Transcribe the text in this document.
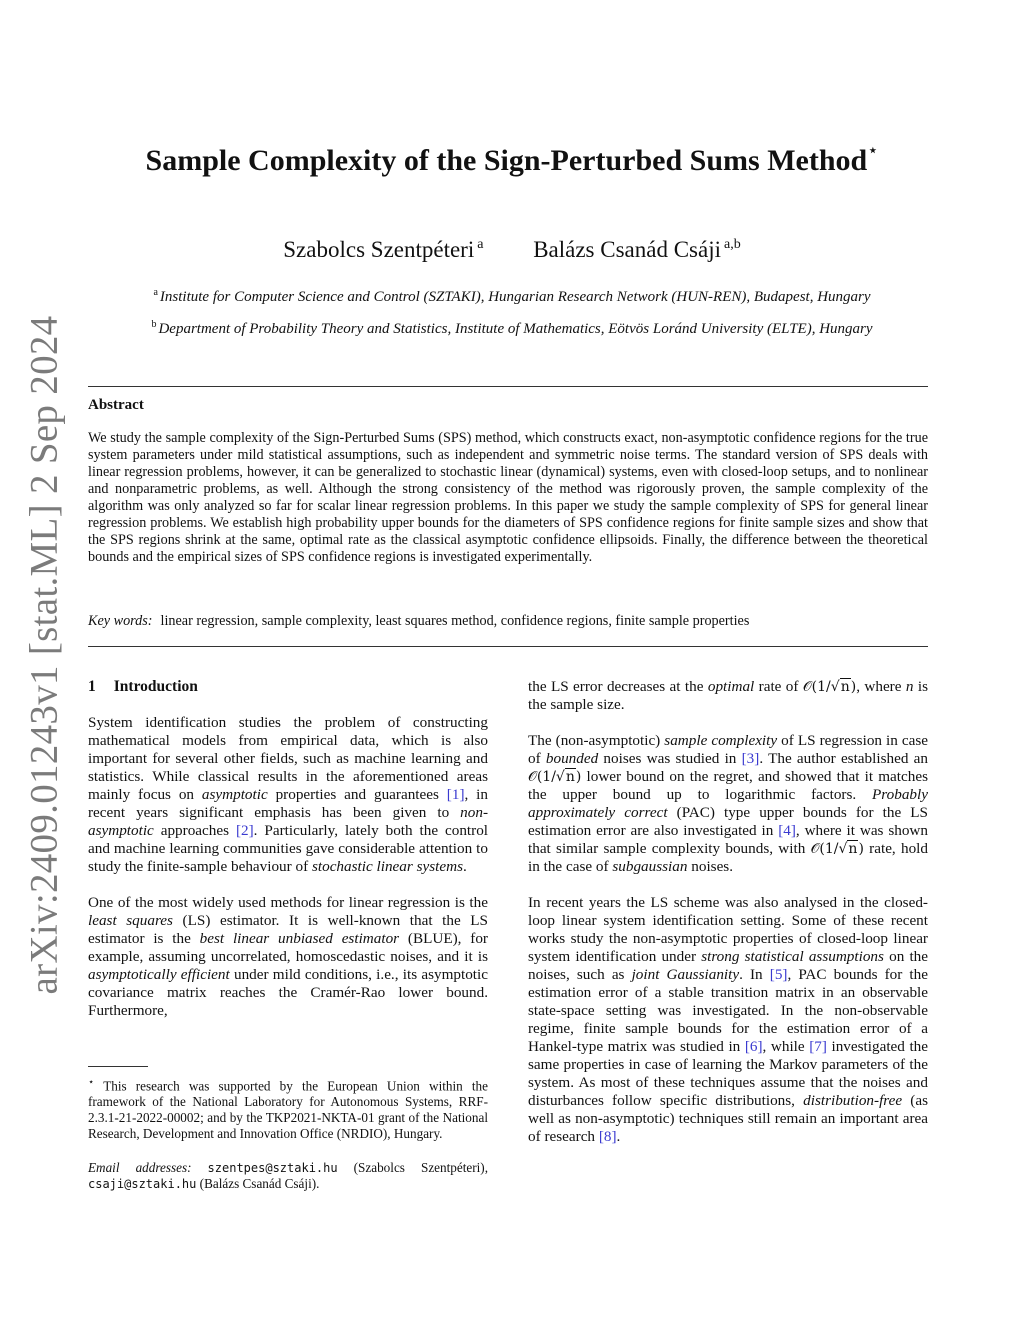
arXiv:2409.01243v1 [stat.ML] 2 Sep 2024
Sample Complexity of the Sign-Perturbed Sums Method⋆
Szabolcs Szentpéteri $^a$ Balázs Csanád Csáji $^{a,b}$
$^a$ Institute for Computer Science and Control (SZTAKI), Hungarian Research Network (HUN-REN), Budapest, Hungary
$^b$ Department of Probability Theory and Statistics, Institute of Mathematics, Eötvös Loránd University (ELTE), Hungary
Abstract
We study the sample complexity of the Sign-Perturbed Sums (SPS) method, which constructs exact, non-asymptotic confidence regions for the true system parameters under mild statistical assumptions, such as independent and symmetric noise terms. The standard version of SPS deals with linear regression problems, however, it can be generalized to stochastic linear (dynamical) systems, even with closed-loop setups, and to nonlinear and nonparametric problems, as well. Although the strong consistency of the method was rigorously proven, the sample complexity of the algorithm was only analyzed so far for scalar linear regression problems. In this paper we study the sample complexity of SPS for general linear regression problems. We establish high probability upper bounds for the diameters of SPS confidence regions for finite sample sizes and show that the SPS regions shrink at the same, optimal rate as the classical asymptotic confidence ellipsoids. Finally, the difference between the theoretical bounds and the empirical sizes of SPS confidence regions is investigated experimentally.
Key words: linear regression, sample complexity, least squares method, confidence regions, finite sample properties
1 Introduction

System identification studies the problem of constructing mathematical models from empirical data, which is also important for several other fields, such as machine learning and statistics. While classical results in the aforementioned areas mainly focus on asymptotic properties and guarantees [1], in recent years significant emphasis has been given to non-asymptotic approaches [2]. Particularly, lately both the control and machine learning communities gave considerable attention to study the finite-sample behaviour of stochastic linear systems.

One of the most widely used methods for linear regression is the least squares (LS) estimator. It is well-known that the LS estimator is the best linear unbiased estimator (BLUE), for example, assuming uncorrelated, homoscedastic noises, and it is asymptotically efficient under mild conditions, i.e., its asymptotic covariance matrix reaches the Cramér-Rao lower bound. Furthermore,

⋆ This research was supported by the European Union within the framework of the National Laboratory for Autonomous Systems, RRF-2.3.1-21-2022-00002; and by the TKP2021-NKTA-01 grant of the National Research, Development and Innovation Office (NRDIO), Hungary.

Email addresses: szentpes@sztaki.hu (Szabolcs Szentpéteri), csaji@sztaki.hu (Balázs Csanád Csáji).

the LS error decreases at the optimal rate of 𝒪(1/√n), where n is the sample size.

The (non-asymptotic) sample complexity of LS regression in case of bounded noises was studied in [3]. The author established an 𝒪(1/√n) lower bound on the regret, and showed that it matches the upper bound up to logarithmic factors. Probably approximately correct (PAC) type upper bounds for the LS estimation error are also investigated in [4], where it was shown that similar sample complexity bounds, with 𝒪(1/√n) rate, hold in the case of subgaussian noises.

In recent years the LS scheme was also analysed in the closed-loop linear system identification setting. Some of these recent works study the non-asymptotic properties of closed-loop linear system identification under strong statistical assumptions on the noises, such as joint Gaussianity. In [5], PAC bounds for the estimation error of a stable transition matrix in an observable state-space setting was investigated. In the non-observable regime, finite sample bounds for the estimation error of a Hankel-type matrix was studied in [6], while [7] investigated the same properties in case of learning the Markov parameters of the system. As most of these techniques assume that the noises and disturbances follow specific distributions, distribution-free (as well as non-asymptotic) techniques still remain an important area of research [8].
